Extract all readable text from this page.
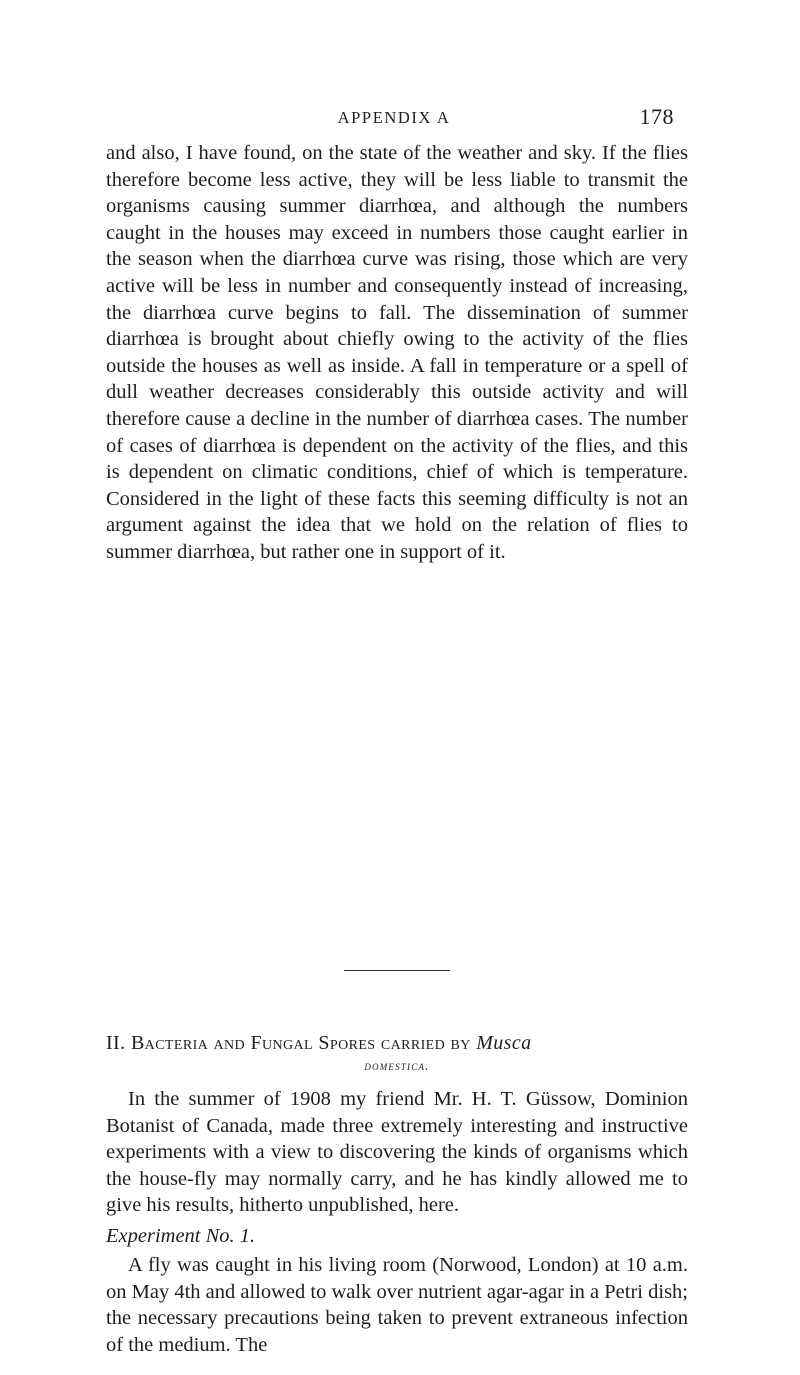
APPENDIX A	178

and also, I have found, on the state of the weather and sky. If the flies therefore become less active, they will be less liable to transmit the organisms causing summer diarrhœa, and although the numbers caught in the houses may exceed in numbers those caught earlier in the season when the diarrhœa curve was rising, those which are very active will be less in number and consequently instead of increasing, the diarrhœa curve begins to fall. The dissemination of summer diarrhœa is brought about chiefly owing to the activity of the flies outside the houses as well as inside. A fall in temperature or a spell of dull weather decreases considerably this outside activity and will therefore cause a decline in the number of diarrhœa cases. The number of cases of diarrhœa is dependent on the activity of the flies, and this is dependent on climatic conditions, chief of which is temperature. Considered in the light of these facts this seeming difficulty is not an argument against the idea that we hold on the relation of flies to summer diarrhœa, but rather one in support of it.

II. Bacteria and Fungal Spores carried by Musca
domestica.

In the summer of 1908 my friend Mr. H. T. Güssow, Dominion Botanist of Canada, made three extremely interesting and instructive experiments with a view to discovering the kinds of organisms which the house-fly may normally carry, and he has kindly allowed me to give his results, hitherto unpublished, here.

Experiment No. 1.

A fly was caught in his living room (Norwood, London) at 10 a.m. on May 4th and allowed to walk over nutrient agar-agar in a Petri dish; the necessary precautions being taken to prevent extraneous infection of the medium. The
